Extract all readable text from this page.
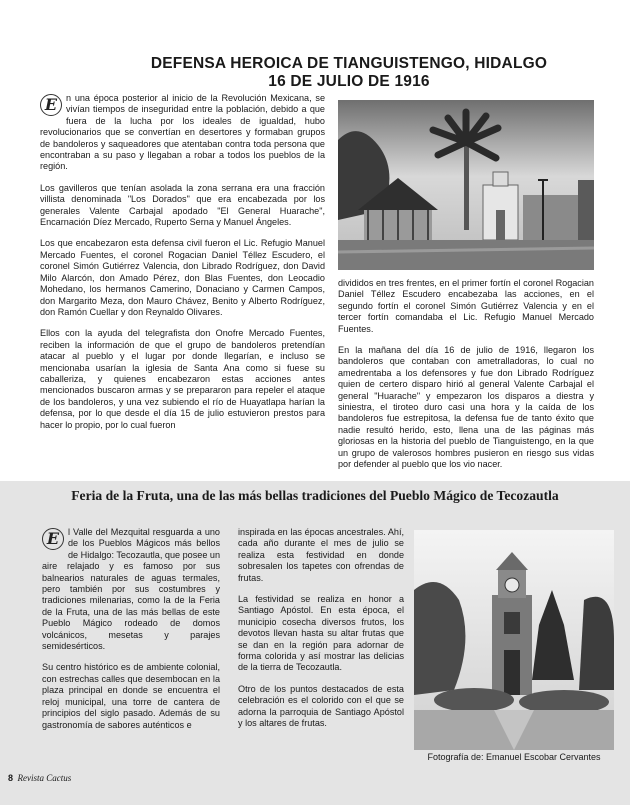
DEFENSA HEROICA DE TIANGUISTENGO, HIDALGO
16 DE JULIO DE 1916

E n una época posterior al inicio de la Revolución Mexicana, se vivían tiempos de inseguridad entre la población, debido a que fuera de la lucha por los ideales de igualdad, hubo revolucionarios que se convertían en desertores y formaban grupos de bandoleros y saqueadores que atentaban contra toda persona que encontraban a su paso y llegaban a robar a todos los pueblos de la región.

Los gavilleros que tenían asolada la zona serrana era una fracción villista denominada "Los Dorados" que era encabezada por los generales Valente Carbajal apodado "El General Huarache", Encarnación Díez Mercado, Ruperto Serna y Manuel Ángeles.

Los que encabezaron esta defensa civil fueron el Lic. Refugio Manuel Mercado Fuentes, el coronel Rogacian Daniel Téllez Escudero, el coronel Simón Gutiérrez Valencia, don Librado Rodríguez, don David Milo Alarcón, don Amado Pérez, don Blas Fuentes, don Leocadio Mohedano, los hermanos Camerino, Donaciano y Carmen Campos, don Margarito Meza, don Mauro Chávez, Benito y Alberto Rodríguez, don Ramón Cuellar y don Reynaldo Olivares.

Ellos con la ayuda del telegrafista don Onofre Mercado Fuentes, reciben la información de que el grupo de bandoleros pretendían atacar al pueblo y el lugar por donde llegarían, e incluso se mencionaba usarían la iglesia de Santa Ana como si fuese su caballeriza, y quienes encabezaron estas acciones antes mencionados buscaron armas y se prepararon para repeler el ataque de los bandoleros, y una vez subiendo el río de Huayatlapa harían la defensa, por lo que desde el día 15 de julio estuvieron prestos para hacer lo propio, por lo cual fueron

divididos en tres frentes, en el primer fortín el coronel Rogacian Daniel Téllez Escudero encabezaba las acciones, en el segundo fortín el coronel Simón Gutiérrez Valencia y en el tercer fortín comandaba el Lic. Refugio Manuel Mercado Fuentes.

En la mañana del día 16 de julio de 1916, llegaron los bandoleros que contaban con ametralladoras, lo cual no amedrentaba a los defensores y fue don Librado Rodríguez quien de certero disparo hirió al general Valente Carbajal el general "Huarache" y empezaron los disparos a diestra y siniestra, el tiroteo duro casi una hora y la caída de los bandoleros fue estrepitosa, la defensa fue de tanto éxito que nadie resultó herido, esto, llena una de las páginas más gloriosas en la historia del pueblo de Tianguistengo, en la que un grupo de valerosos hombres pusieron en riesgo sus vidas por defender al pueblo que los vio nacer.

Feria de la Fruta, una de las más bellas tradiciones del Pueblo Mágico de Tecozautla

E l Valle del Mezquital resguarda a uno de los Pueblos Mágicos más bellos de Hidalgo: Tecozautla, que posee un aire relajado y es famoso por sus balnearios naturales de aguas termales, pero también por sus costumbres y tradiciones milenarias, como la de la Feria de la Fruta, una de las más bellas de este Pueblo Mágico rodeado de domos volcánicos, mesetas y parajes semidesérticos.

Su centro histórico es de ambiente colonial, con estrechas calles que desembocan en la plaza principal en donde se encuentra el reloj municipal, una torre de cantera de principios del siglo pasado. Además de su gastronomía de sabores auténticos e

inspirada en las épocas ancestrales. Ahí, cada año durante el mes de julio se realiza esta festividad en donde sobresalen los tapetes con ofrendas de frutas.

La festividad se realiza en honor a Santiago Apóstol. En esta época, el municipio cosecha diversos frutos, los devotos llevan hasta su altar frutas que se dan en la región para adornar de forma colorida y así mostrar las delicias de la tierra de Tecozautla.

Otro de los puntos destacados de esta celebración es el colorido con el que se adorna la parroquia de Santiago Apóstol y los altares de frutas.

Fotografía de: Emanuel Escobar Cervantes
8 Revista Cactus
